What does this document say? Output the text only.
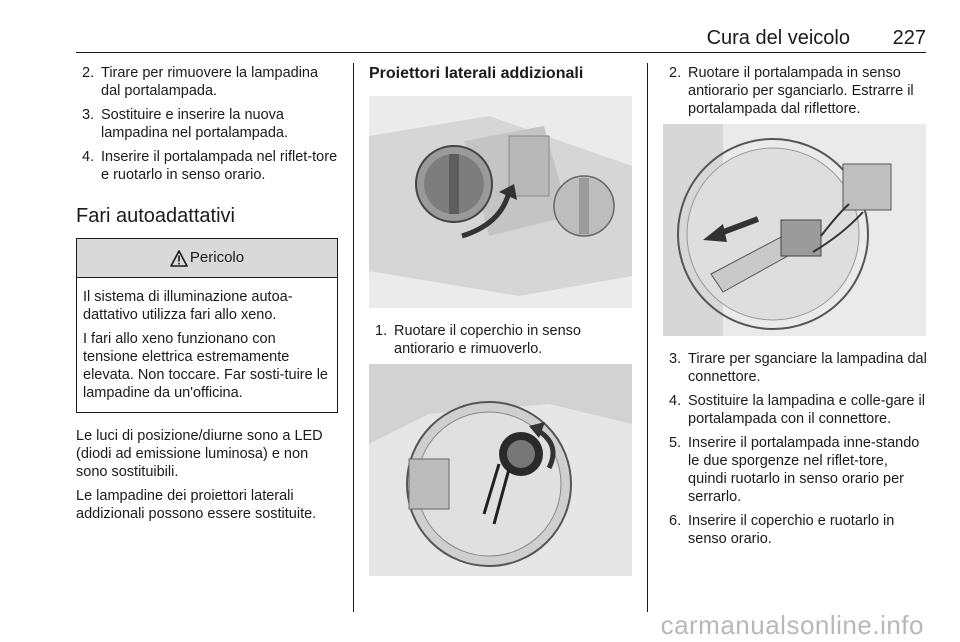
Cura del veicolo 227
2. Tirare per rimuovere la lampadina dal portalampada.
3. Sostituire e inserire la nuova lampadina nel portalampada.
4. Inserire il portalampada nel riflet-tore e ruotarlo in senso orario.
Fari autoadattativi
Pericolo

Il sistema di illuminazione autoa-dattativo utilizza fari allo xeno.

I fari allo xeno funzionano con tensione elettrica estremamente elevata. Non toccare. Far sosti-tuire le lampadine da un'officina.

Le luci di posizione/diurne sono a LED (diodi ad emissione luminosa) e non sono sostituibili.

Le lampadine dei proiettori laterali addizionali possono essere sostituite.

Proiettori laterali addizionali
1. Ruotare il coperchio in senso antiorario e rimuoverlo.
2. Ruotare il portalampada in senso antiorario per sganciarlo. Estrarre il portalampada dal riflettore.
3. Tirare per sganciare la lampadina dal connettore.
4. Sostituire la lampadina e colle-gare il portalampada con il connettore.
5. Inserire il portalampada inne-stando le due sporgenze nel riflet-tore, quindi ruotarlo in senso orario per serrarlo.
6. Inserire il coperchio e ruotarlo in senso orario.
carmanualsonline.info
